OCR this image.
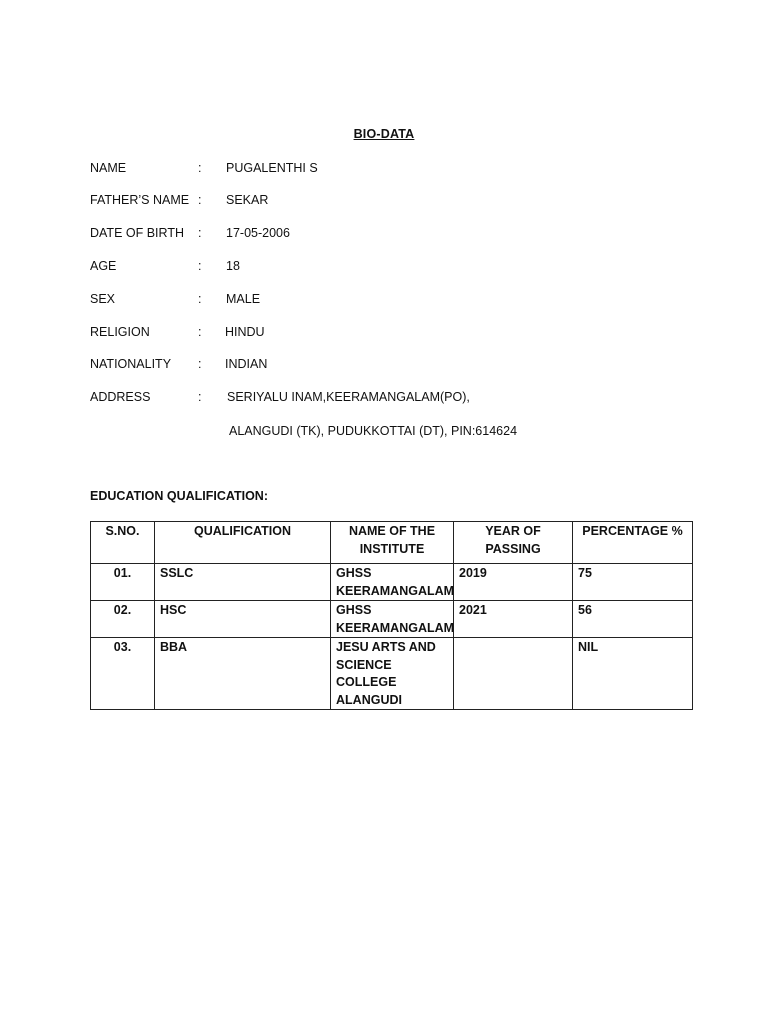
BIO-DATA
NAME	: PUGALENTHI S
FATHER’S NAME : SEKAR
DATE OF BIRTH : 17-05-2006
AGE	: 18
SEX	: MALE
RELIGION	: HINDU
NATIONALITY : INDIAN
ADDRESS	: SERIYALU INAM,KEERAMANGALAM(PO),
ALANGUDI (TK), PUDUKKOTTAI (DT), PIN:614624
EDUCATION QUALIFICATION:
S.NO.	QUALIFICATION	NAME OF THE INSTITUTE	YEAR OF PASSING	PERCENTAGE %
01.	SSLC	GHSS KEERAMANGALAM	2019	75
02.	HSC	GHSS KEERAMANGALAM	2021	56
03.	BBA	JESU ARTS AND SCIENCE COLLEGE ALANGUDI		NIL
